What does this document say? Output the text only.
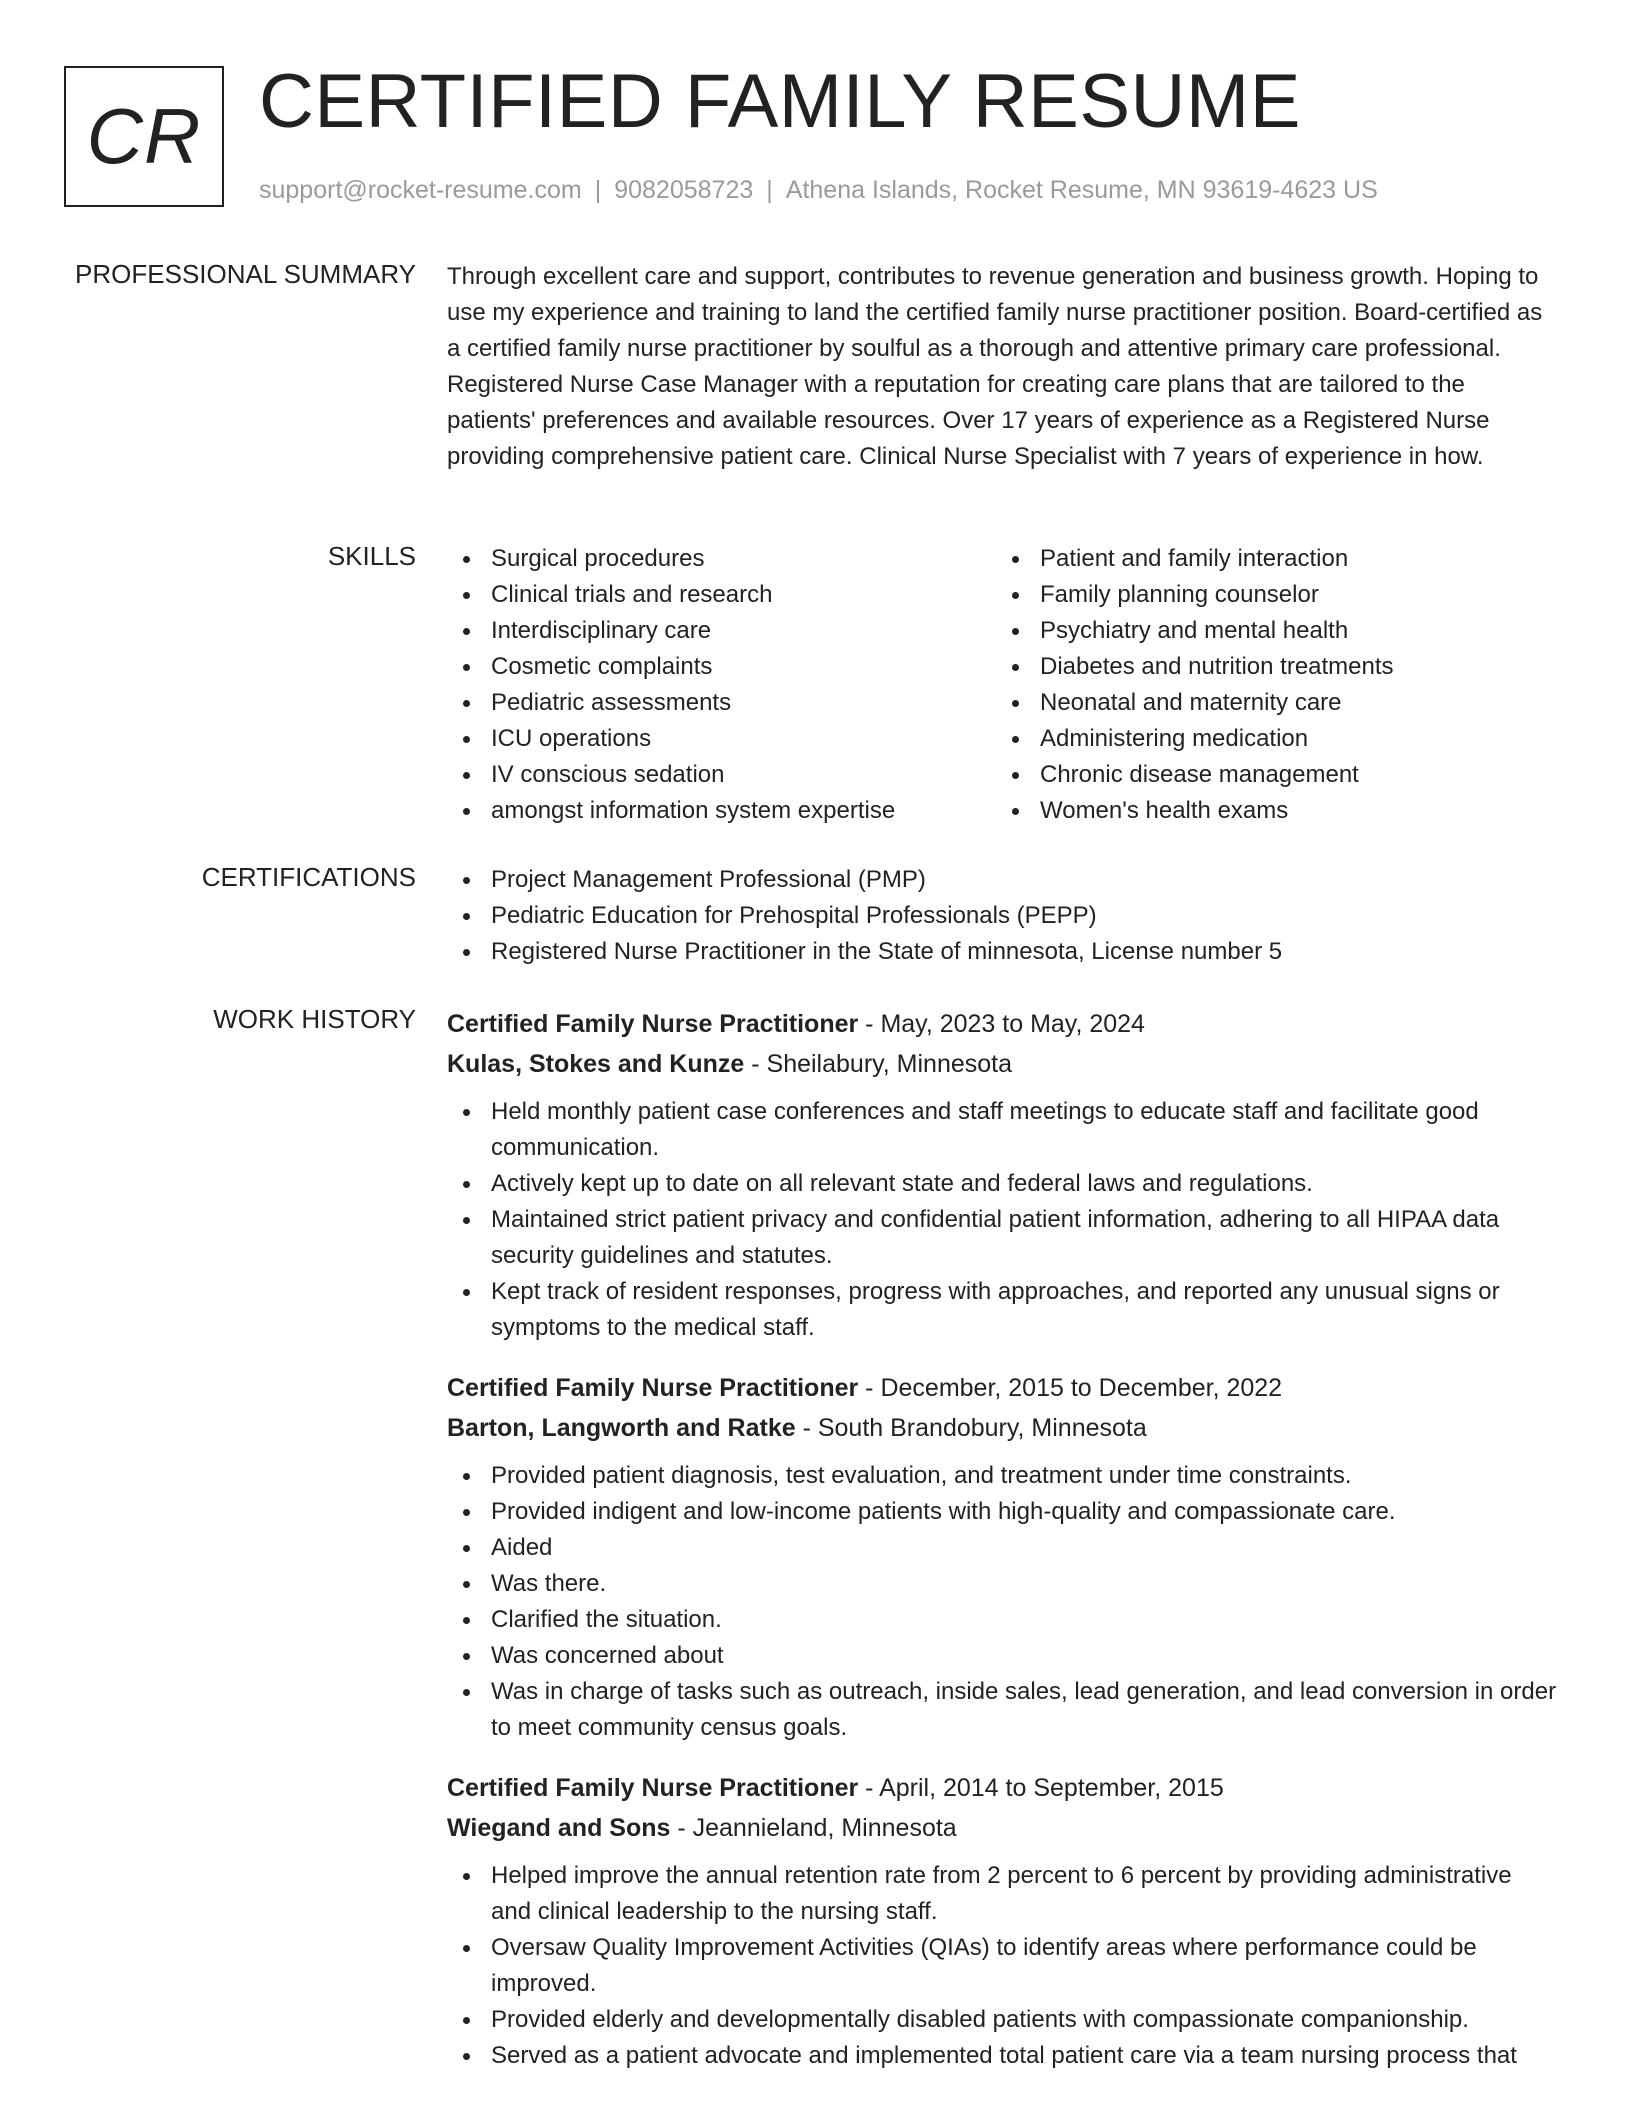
CR CERTIFIED FAMILY RESUME
support@rocket-resume.com | 9082058723 | Athena Islands, Rocket Resume, MN 93619-4623 US
PROFESSIONAL SUMMARY Through excellent care and support, contributes to revenue generation and business growth. Hoping to use my experience and training to land the certified family nurse practitioner position. Board-certified as a certified family nurse practitioner by soulful as a thorough and attentive primary care professional. Registered Nurse Case Manager with a reputation for creating care plans that are tailored to the patients' preferences and available resources. Over 17 years of experience as a Registered Nurse providing comprehensive patient care. Clinical Nurse Specialist with 7 years of experience in how.

SKILLS	Surgical procedures
Clinical trials and research
Interdisciplinary care
Cosmetic complaints
Pediatric assessments
ICU operations
IV conscious sedation
amongst information system expertise
Patient and family interaction
Family planning counselor
Psychiatry and mental health
Diabetes and nutrition treatments
Neonatal and maternity care
Administering medication
Chronic disease management
Women's health exams
CERTIFICATIONS	Project Management Professional (PMP)
Pediatric Education for Prehospital Professionals (PEPP)
Registered Nurse Practitioner in the State of minnesota, License number 5
WORK HISTORY Certified Family Nurse Practitioner - May, 2023 to May, 2024

Kulas, Stokes and Kunze - Sheilabury, Minnesota

Held monthly patient case conferences and staff meetings to educate staff and facilitate good communication.
Actively kept up to date on all relevant state and federal laws and regulations.
Maintained strict patient privacy and confidential patient information, adhering to all HIPAA data security guidelines and statutes.
Kept track of resident responses, progress with approaches, and reported any unusual signs or symptoms to the medical staff.

Certified Family Nurse Practitioner - December, 2015 to December, 2022

Barton, Langworth and Ratke - South Brandobury, Minnesota

Provided patient diagnosis, test evaluation, and treatment under time constraints.
Provided indigent and low-income patients with high-quality and compassionate care.
Aided
Was there.
Clarified the situation.
Was concerned about
Was in charge of tasks such as outreach, inside sales, lead generation, and lead conversion in order to meet community census goals.

Certified Family Nurse Practitioner - April, 2014 to September, 2015

Wiegand and Sons - Jeannieland, Minnesota

Helped improve the annual retention rate from 2 percent to 6 percent by providing administrative and clinical leadership to the nursing staff.
Oversaw Quality Improvement Activities (QIAs) to identify areas where performance could be improved.
Provided elderly and developmentally disabled patients with compassionate companionship.
Served as a patient advocate and implemented total patient care via a team nursing process that
